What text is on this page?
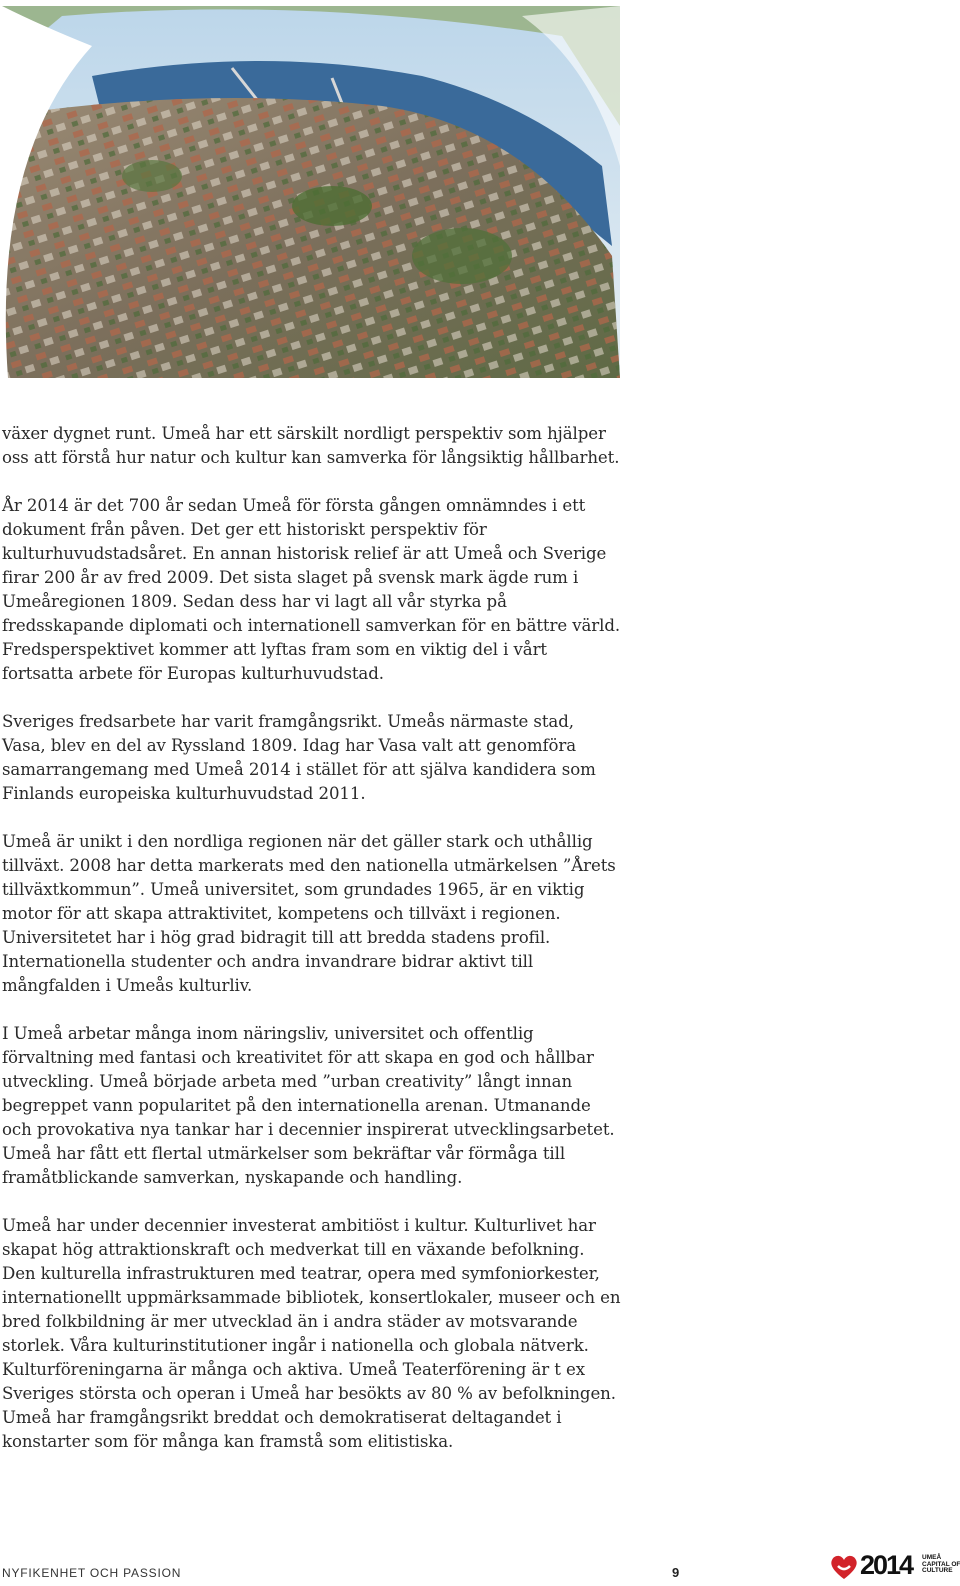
växer dygnet runt. Umeå har ett särskilt nordligt perspektiv som hjälper oss att förstå hur natur och kultur kan samverka för långsiktig hållbarhet.

År 2014 är det 700 år sedan Umeå för första gången omnämndes i ett dokument från påven. Det ger ett historiskt perspektiv för kulturhuvudstadsåret. En annan historisk relief är att Umeå och Sverige firar 200 år av fred 2009. Det sista slaget på svensk mark ägde rum i Umeåregionen 1809. Sedan dess har vi lagt all vår styrka på fredsskapande diplomati och internationell samverkan för en bättre värld. Fredsperspektivet kommer att lyftas fram som en viktig del i vårt fortsatta arbete för Europas kulturhuvudstad.

Sveriges fredsarbete har varit framgångsrikt. Umeås närmaste stad, Vasa, blev en del av Ryssland 1809. Idag har Vasa valt att genomföra samarrangemang med Umeå 2014 i stället för att själva kandidera som Finlands europeiska kulturhuvudstad 2011.

Umeå är unikt i den nordliga regionen när det gäller stark och uthållig tillväxt. 2008 har detta markerats med den nationella utmärkelsen ”Årets tillväxtkommun”. Umeå universitet, som grundades 1965, är en viktig motor för att skapa attraktivitet, kompetens och tillväxt i regionen. Universitetet har i hög grad bidragit till att bredda stadens profil. Internationella studenter och andra invandrare bidrar aktivt till mångfalden i Umeås kulturliv.

I Umeå arbetar många inom näringsliv, universitet och offentlig förvaltning med fantasi och kreativitet för att skapa en god och hållbar utveckling. Umeå började arbeta med ”urban creativity” långt innan begreppet vann popularitet på den internationella arenan. Utmanande och provokativa nya tankar har i decennier inspirerat utvecklingsarbetet. Umeå har fått ett flertal utmärkelser som bekräftar vår förmåga till framåtblickande samverkan, nyskapande och handling.

Umeå har under decennier investerat ambitiöst i kultur. Kulturlivet har skapat hög attraktionskraft och medverkat till en växande befolkning. Den kulturella infrastrukturen med teatrar, opera med symfoniorkester, internationellt uppmärksammade bibliotek, konsertlokaler, museer och en bred folkbildning är mer utvecklad än i andra städer av motsvarande storlek. Våra kulturinstitutioner ingår i nationella och globala nätverk. Kulturföreningarna är många och aktiva. Umeå Teaterförening är t ex Sveriges största och operan i Umeå har besökts av 80 % av befolkningen. Umeå har framgångsrikt breddat och demokratiserat deltagandet i konstarter som för många kan framstå som elitistiska.

NYFIKENHET OCH PASSION	9	2014 UMEÅ
CAPITAL OF
CULTURE
